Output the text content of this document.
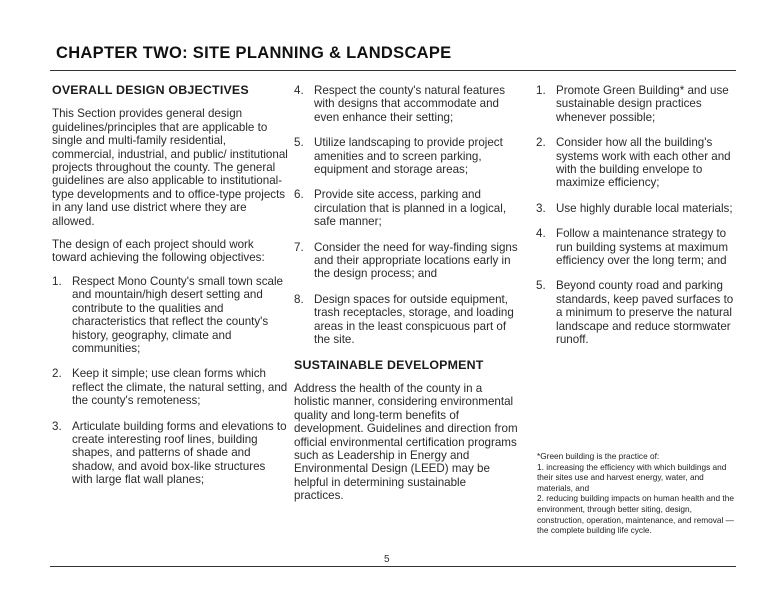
CHAPTER TWO: SITE PLANNING & LANDSCAPE
OVERALL DESIGN OBJECTIVES

This Section provides general design guidelines/principles that are applicable to single and multi-family residential, commercial, industrial, and public/ institutional projects throughout the county. The general guidelines are also applicable to institutional-type developments and to office-type projects in any land use district where they are allowed.

The design of each project should work toward achieving the following objectives:

1. Respect Mono County's small town scale and mountain/high desert setting and contribute to the qualities and characteristics that reflect the county's history, geography, climate and communities;
2. Keep it simple; use clean forms which reflect the climate, the natural setting, and the county's remoteness;
3. Articulate building forms and elevations to create interesting roof lines, building shapes, and patterns of shade and shadow, and avoid box-like structures with large flat wall planes;
4. Respect the county's natural features with designs that accommodate and even enhance their setting;
5. Utilize landscaping to provide project amenities and to screen parking, equipment and storage areas;
6. Provide site access, parking and circulation that is planned in a logical, safe manner;
7. Consider the need for way-finding signs and their appropriate locations early in the design process; and
8. Design spaces for outside equipment, trash receptacles, storage, and loading areas in the least conspicuous part of the site.
SUSTAINABLE DEVELOPMENT

Address the health of the county in a holistic manner, considering environmental quality and long-term benefits of development. Guidelines and direction from official environmental certification programs such as Leadership in Energy and Environmental Design (LEED) may be helpful in determining sustainable practices.

1. Promote Green Building* and use sustainable design practices whenever possible;
2. Consider how all the building's systems work with each other and with the building envelope to maximize efficiency;
3. Use highly durable local materials;
4. Follow a maintenance strategy to run building systems at maximum efficiency over the long term; and
5. Beyond county road and parking standards, keep paved surfaces to a minimum to preserve the natural landscape and reduce stormwater runoff.

*Green building is the practice of:

1. increasing the efficiency with which buildings and their sites use and harvest energy, water, and materials, and

2. reducing building impacts on human health and the environment, through better siting, design, construction, operation, maintenance, and removal — the complete building life cycle.

5
